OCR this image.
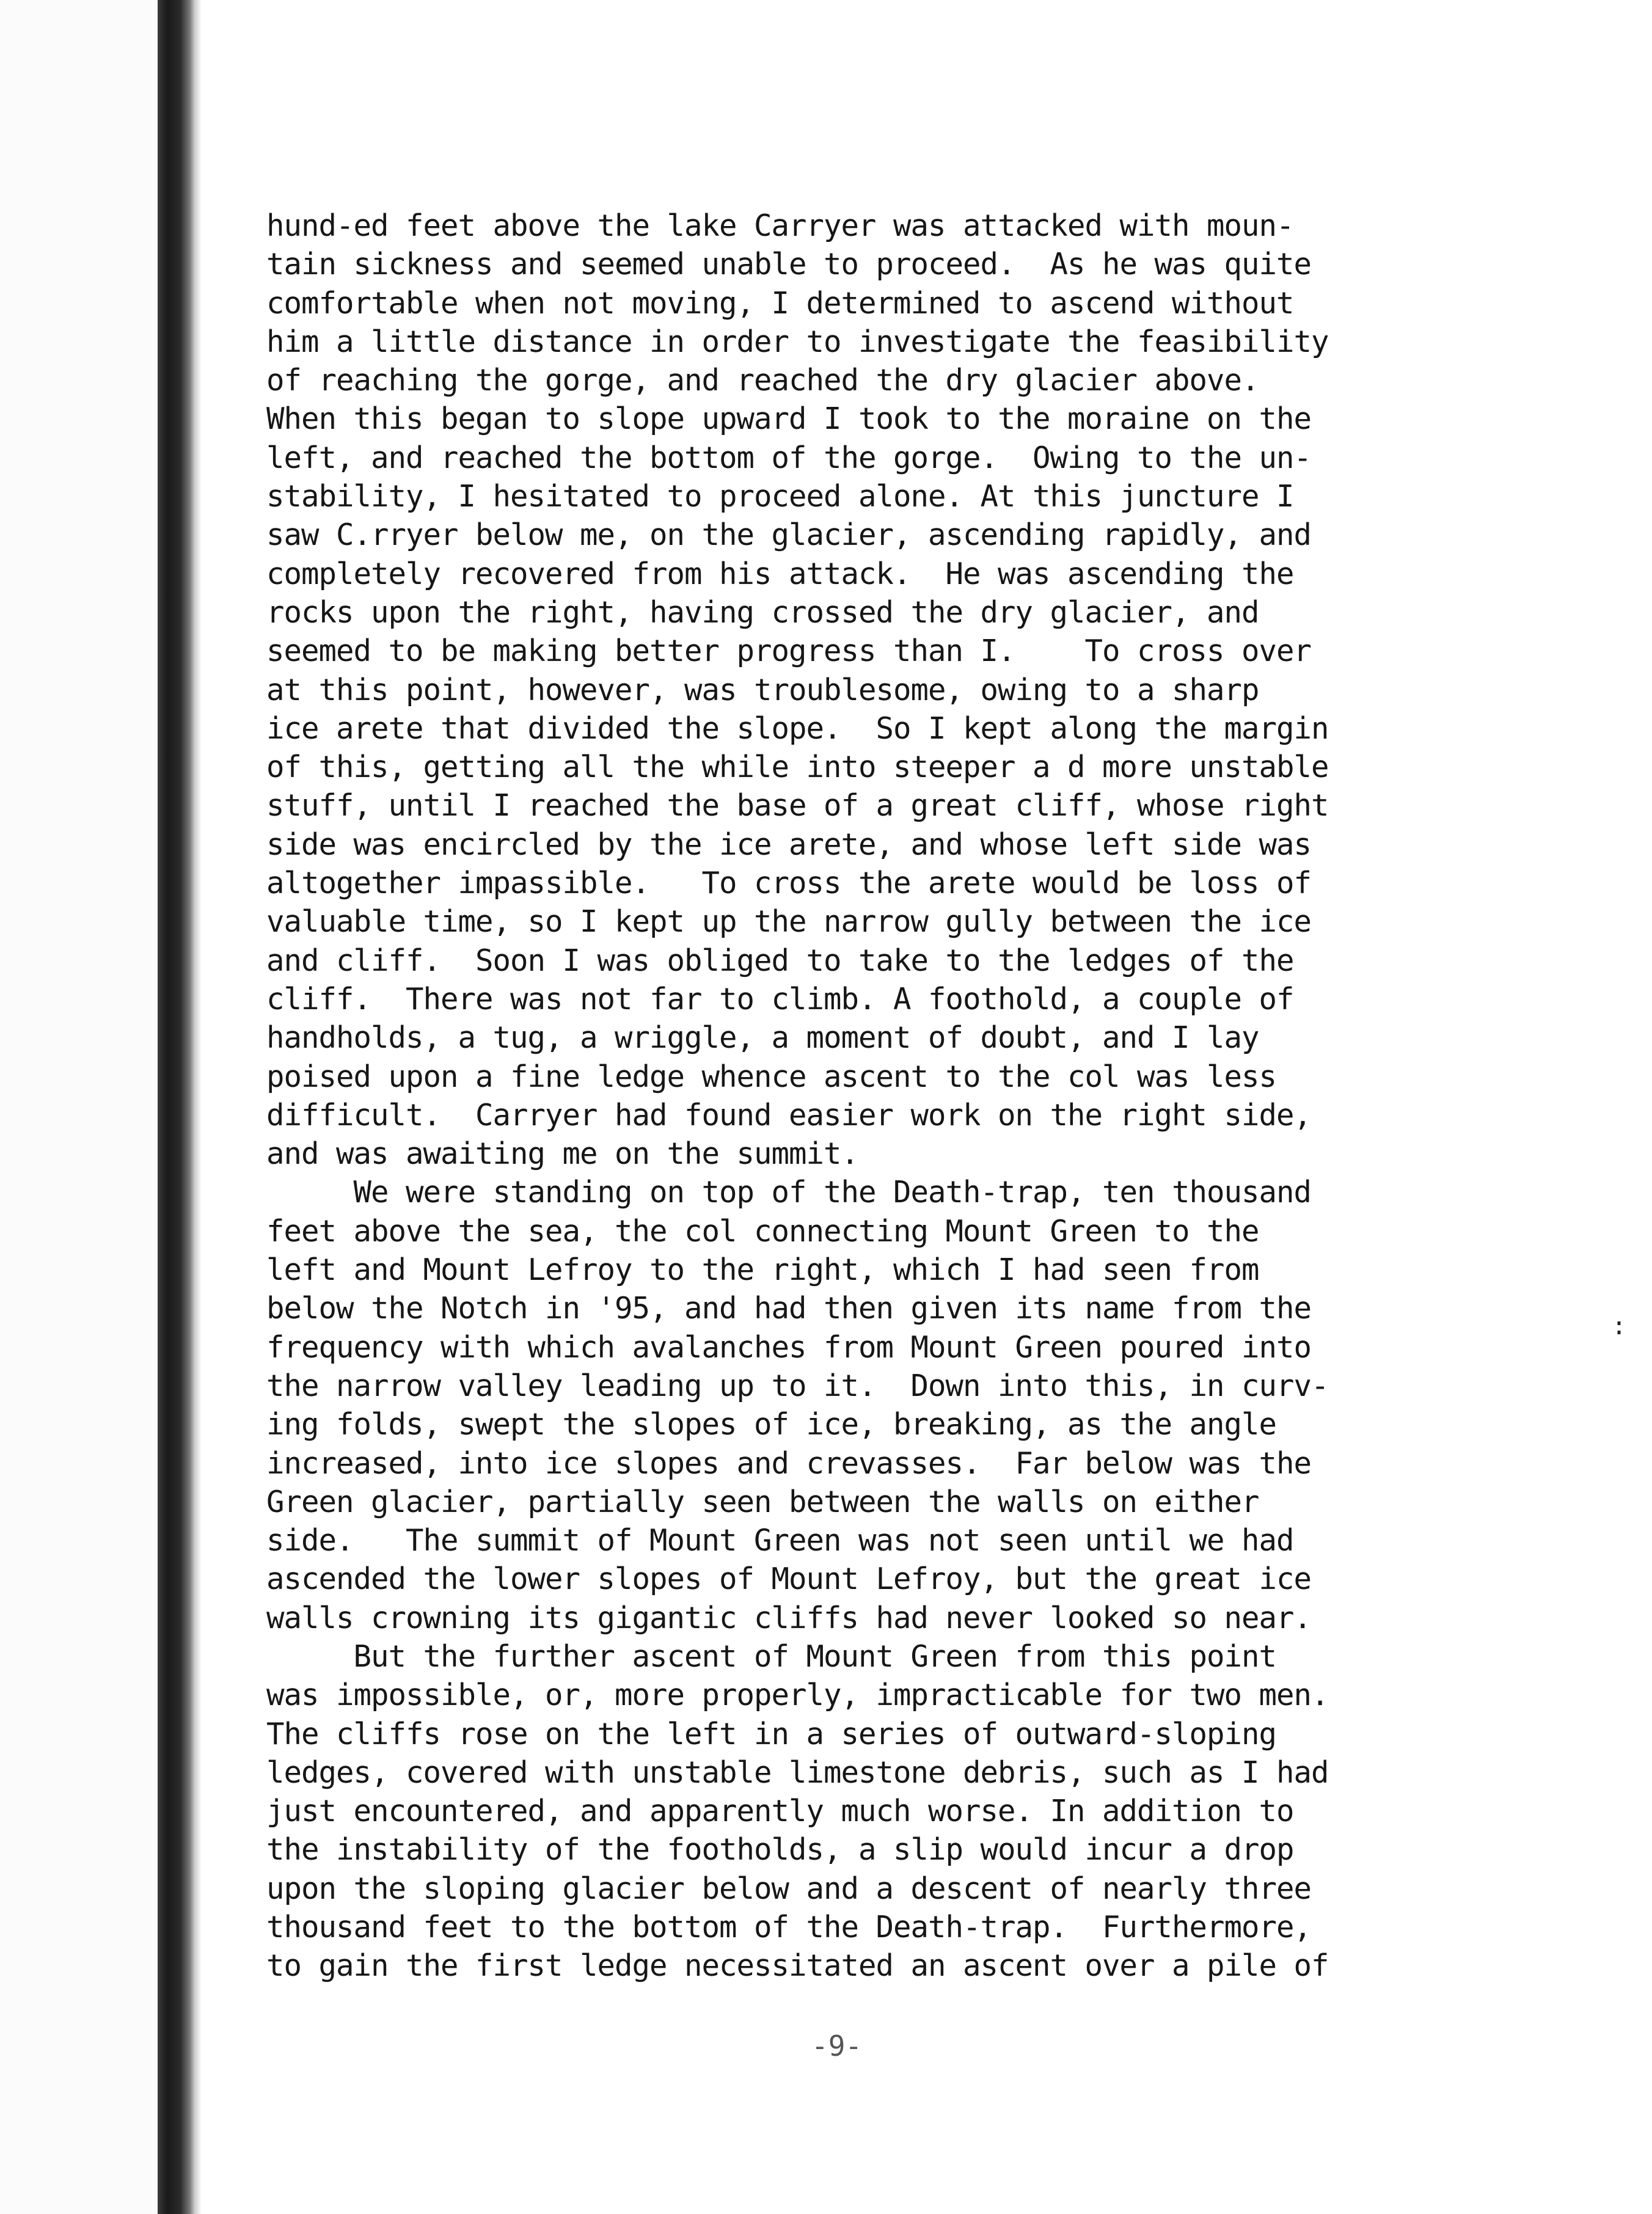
:
hund-ed feet above the lake Carryer was attacked with moun-
tain sickness and seemed unable to proceed.  As he was quite
comfortable when not moving, I determined to ascend without
him a little distance in order to investigate the feasibility
of reaching the gorge, and reached the dry glacier above.
When this began to slope upward I took to the moraine on the
left, and reached the bottom of the gorge.  Owing to the un-
stability, I hesitated to proceed alone. At this juncture I
saw C.rryer below me, on the glacier, ascending rapidly, and
completely recovered from his attack.  He was ascending the
rocks upon the right, having crossed the dry glacier, and
seemed to be making better progress than I.    To cross over
at this point, however, was troublesome, owing to a sharp
ice arete that divided the slope.  So I kept along the margin
of this, getting all the while into steeper a d more unstable
stuff, until I reached the base of a great cliff, whose right
side was encircled by the ice arete, and whose left side was
altogether impassible.   To cross the arete would be loss of
valuable time, so I kept up the narrow gully between the ice
and cliff.  Soon I was obliged to take to the ledges of the
cliff.  There was not far to climb. A foothold, a couple of
handholds, a tug, a wriggle, a moment of doubt, and I lay
poised upon a fine ledge whence ascent to the col was less
difficult.  Carryer had found easier work on the right side,
and was awaiting me on the summit.
We were standing on top of the Death-trap, ten thousand
feet above the sea, the col connecting Mount Green to the
left and Mount Lefroy to the right, which I had seen from
below the Notch in '95, and had then given its name from the
frequency with which avalanches from Mount Green poured into
the narrow valley leading up to it.  Down into this, in curv-
ing folds, swept the slopes of ice, breaking, as the angle
increased, into ice slopes and crevasses.  Far below was the
Green glacier, partially seen between the walls on either
side.   The summit of Mount Green was not seen until we had
ascended the lower slopes of Mount Lefroy, but the great ice
walls crowning its gigantic cliffs had never looked so near.
But the further ascent of Mount Green from this point
was impossible, or, more properly, impracticable for two men.
The cliffs rose on the left in a series of outward-sloping
ledges, covered with unstable limestone debris, such as I had
just encountered, and apparently much worse. In addition to
the instability of the footholds, a slip would incur a drop
upon the sloping glacier below and a descent of nearly three
thousand feet to the bottom of the Death-trap.  Furthermore,
to gain the first ledge necessitated an ascent over a pile of
-9-
